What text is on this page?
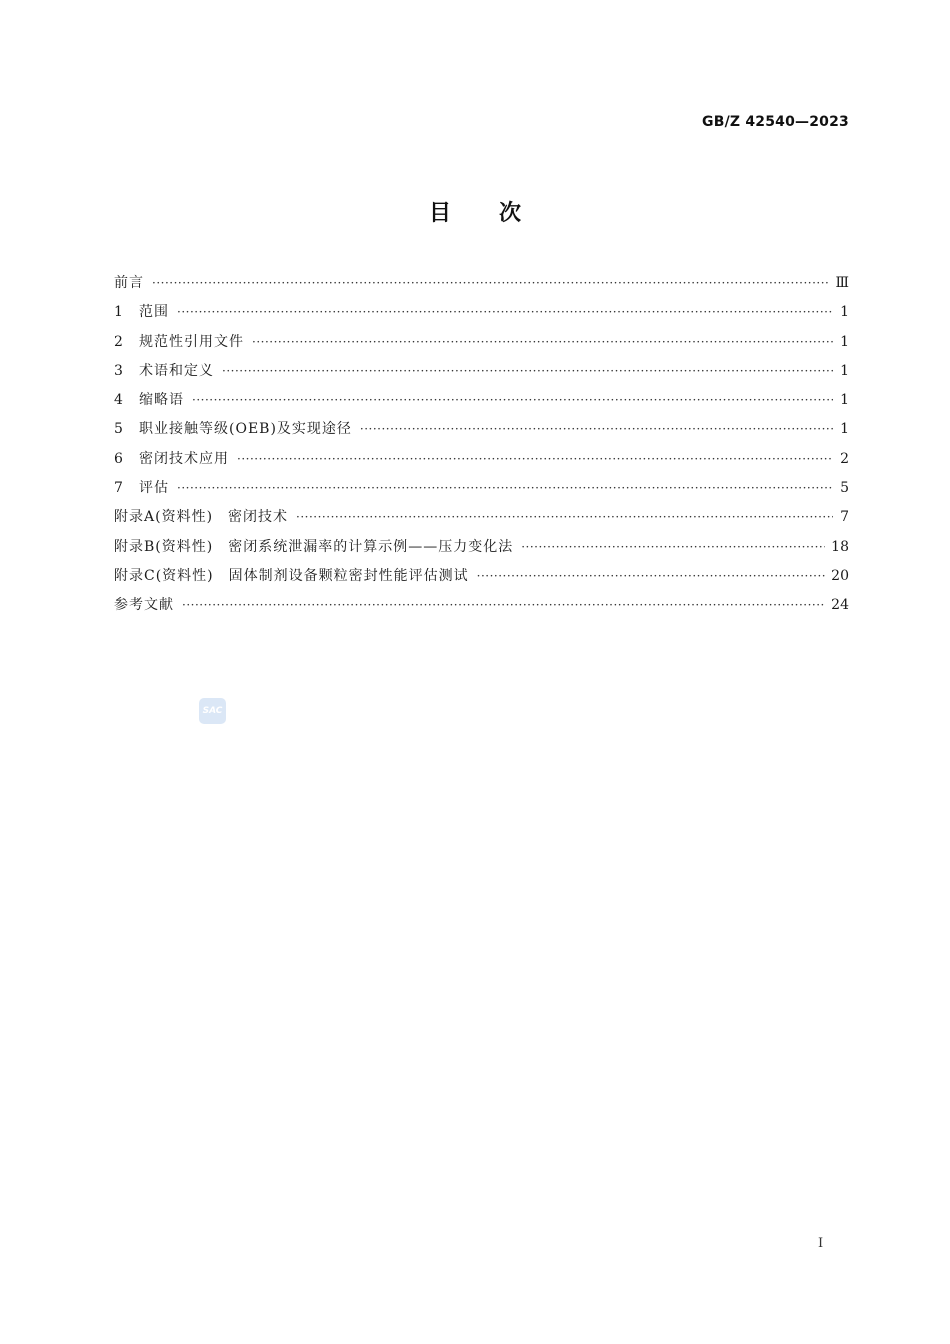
GB/Z 42540—2023
目次
前言 ·····	Ⅲ
1	范围 ·····	1
2	规范性引用文件 ·····	1
3	术语和定义 ·····	1
4	缩略语 ·····	1
5	职业接触等级(OEB)及实现途径 ·····	1
6	密闭技术应用 ·····	2
7	评估 ·····	5
附录A(资料性)　密闭技术 ·····	7
附录B(资料性)　密闭系统泄漏率的计算示例——压力变化法 ·····	18
附录C(资料性)　固体制剂设备颗粒密封性能评估测试 ·····	20
参考文献 ·····	24
SAC
Ⅰ
